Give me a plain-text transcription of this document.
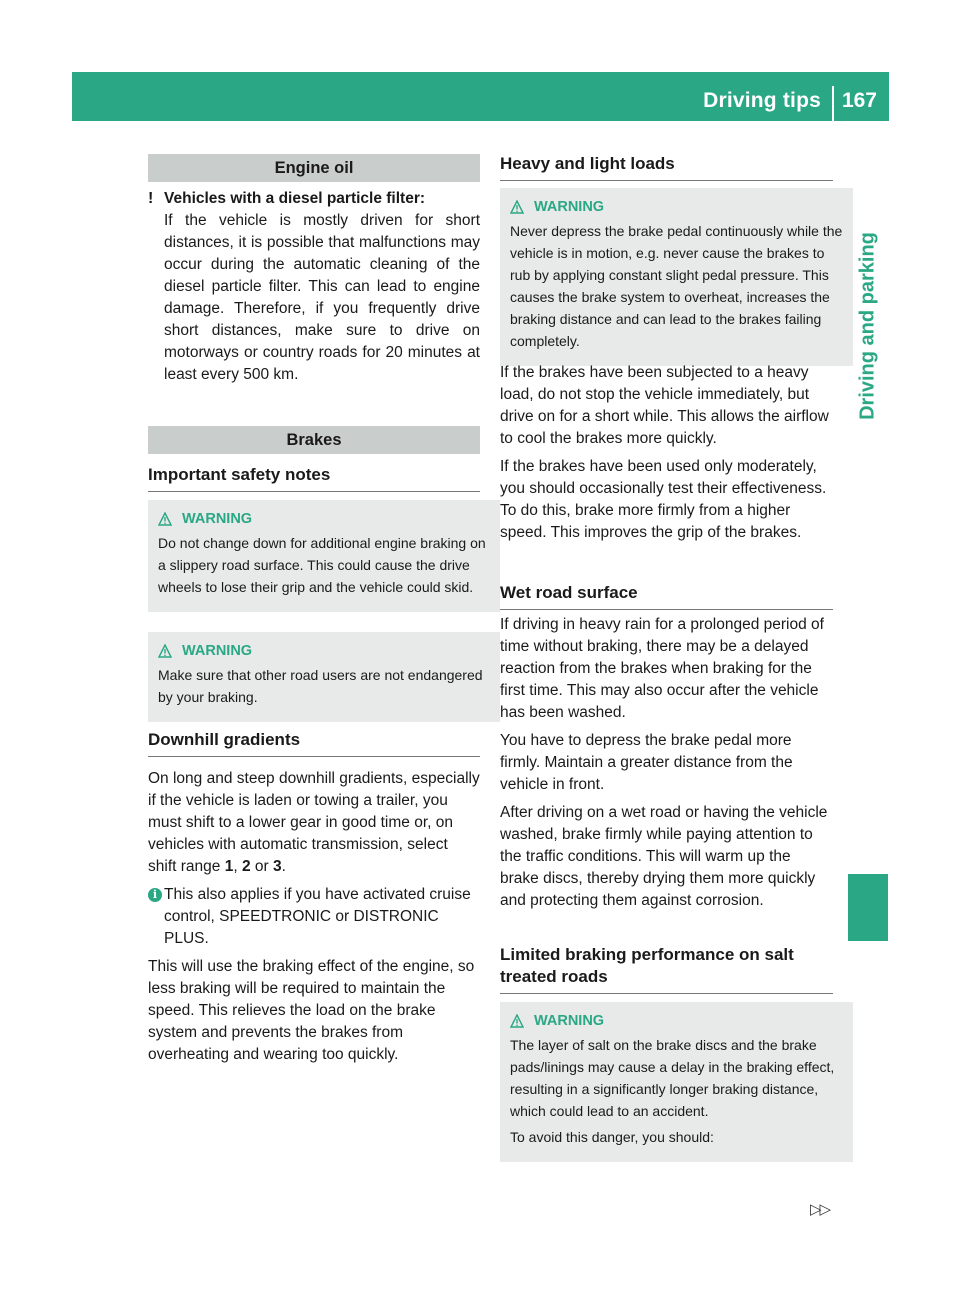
Driving tips 167
Driving and parking
Engine oil
! Vehicles with a diesel particle filter:
If the vehicle is mostly driven for short distances, it is possible that malfunctions may occur during the automatic cleaning of the diesel particle filter. This can lead to engine damage. Therefore, if you frequently drive short distances, make sure to drive on motorways or country roads for 20 minutes at least every 500 km.
Brakes
Important safety notes
WARNING

Do not change down for additional engine braking on a slippery road surface. This could cause the drive wheels to lose their grip and the vehicle could skid.

WARNING

Make sure that other road users are not endangered by your braking.

Downhill gradients

On long and steep downhill gradients, especially if the vehicle is laden or towing a trailer, you must shift to a lower gear in good time or, on vehicles with automatic transmission, select shift range 1, 2 or 3.

i This also applies if you have activated cruise control, SPEEDTRONIC or DISTRONIC PLUS.

This will use the braking effect of the engine, so less braking will be required to maintain the speed. This relieves the load on the brake system and prevents the brakes from overheating and wearing too quickly.

Heavy and light loads
WARNING

Never depress the brake pedal continuously while the vehicle is in motion, e.g. never cause the brakes to rub by applying constant slight pedal pressure. This causes the brake system to overheat, increases the braking distance and can lead to the brakes failing completely.

If the brakes have been subjected to a heavy load, do not stop the vehicle immediately, but drive on for a short while. This allows the airflow to cool the brakes more quickly.

If the brakes have been used only moderately, you should occasionally test their effectiveness. To do this, brake more firmly from a higher speed. This improves the grip of the brakes.

Wet road surface

If driving in heavy rain for a prolonged period of time without braking, there may be a delayed reaction from the brakes when braking for the first time. This may also occur after the vehicle has been washed.

You have to depress the brake pedal more firmly. Maintain a greater distance from the vehicle in front.

After driving on a wet road or having the vehicle washed, brake firmly while paying attention to the traffic conditions. This will warm up the brake discs, thereby drying them more quickly and protecting them against corrosion.

Limited braking performance on salt treated roads
WARNING

The layer of salt on the brake discs and the brake pads/linings may cause a delay in the braking effect, resulting in a significantly longer braking distance, which could lead to an accident.

To avoid this danger, you should:

▷▷
